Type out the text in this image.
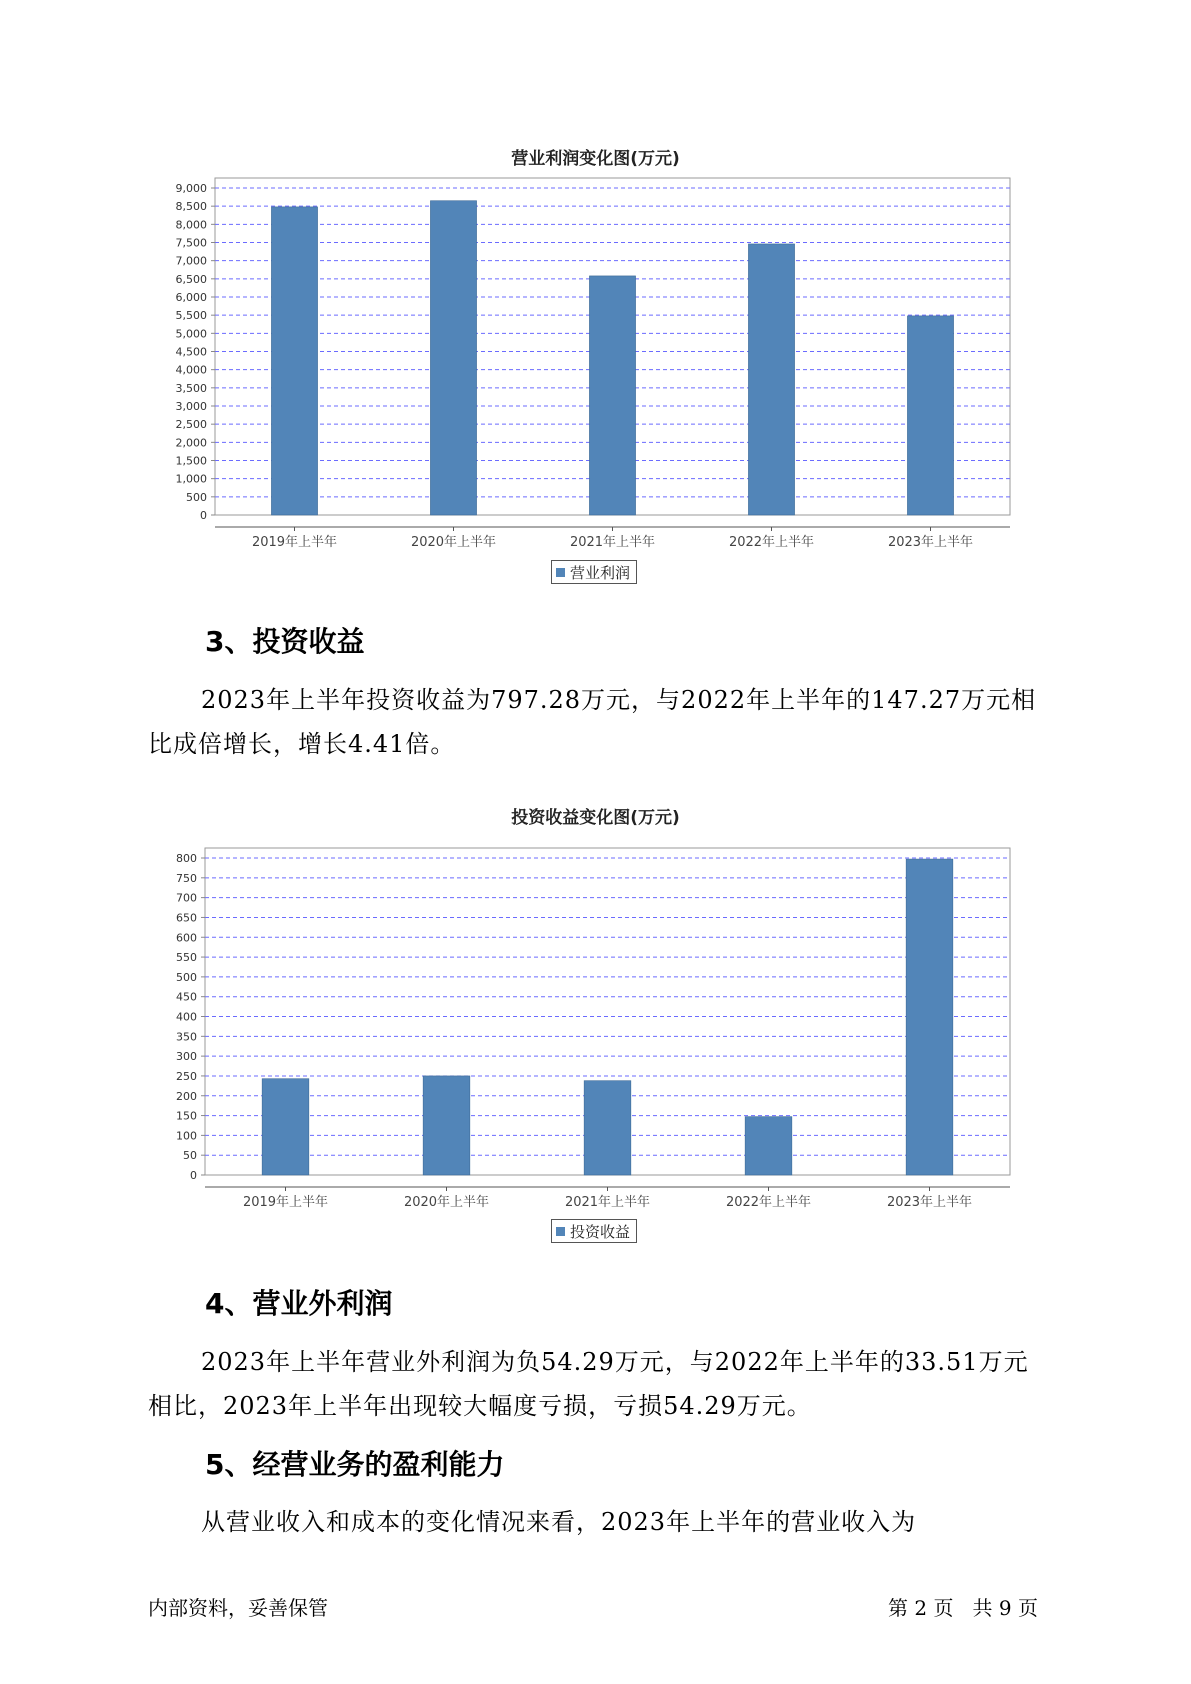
营业利润变化图(万元)
0
500
1,000
1,500
2,000
2,500
3,000
3,500
4,000
4,500
5,000
5,500
6,000
6,500
7,000
7,500
8,000
8,500
9,000
2019年上半年	2020年上半年	2021年上半年	2022年上半年	2023年上半年
营业利润
3、投资收益

2023年上半年投资收益为797.28万元，与2022年上半年的147.27万元相比成倍增长，增长4.41倍。

投资收益变化图(万元)
0
50
100
150
200
250
300
350
400
450
500
550
600
650
700
750
800
2019年上半年	2020年上半年	2021年上半年	2022年上半年	2023年上半年
投资收益
4、营业外利润

2023年上半年营业外利润为负54.29万元，与2022年上半年的33.51万元相比，2023年上半年出现较大幅度亏损，亏损54.29万元。

5、经营业务的盈利能力

从营业收入和成本的变化情况来看，2023年上半年的营业收入为

内部资料，妥善保管	第 2 页   共 9 页
